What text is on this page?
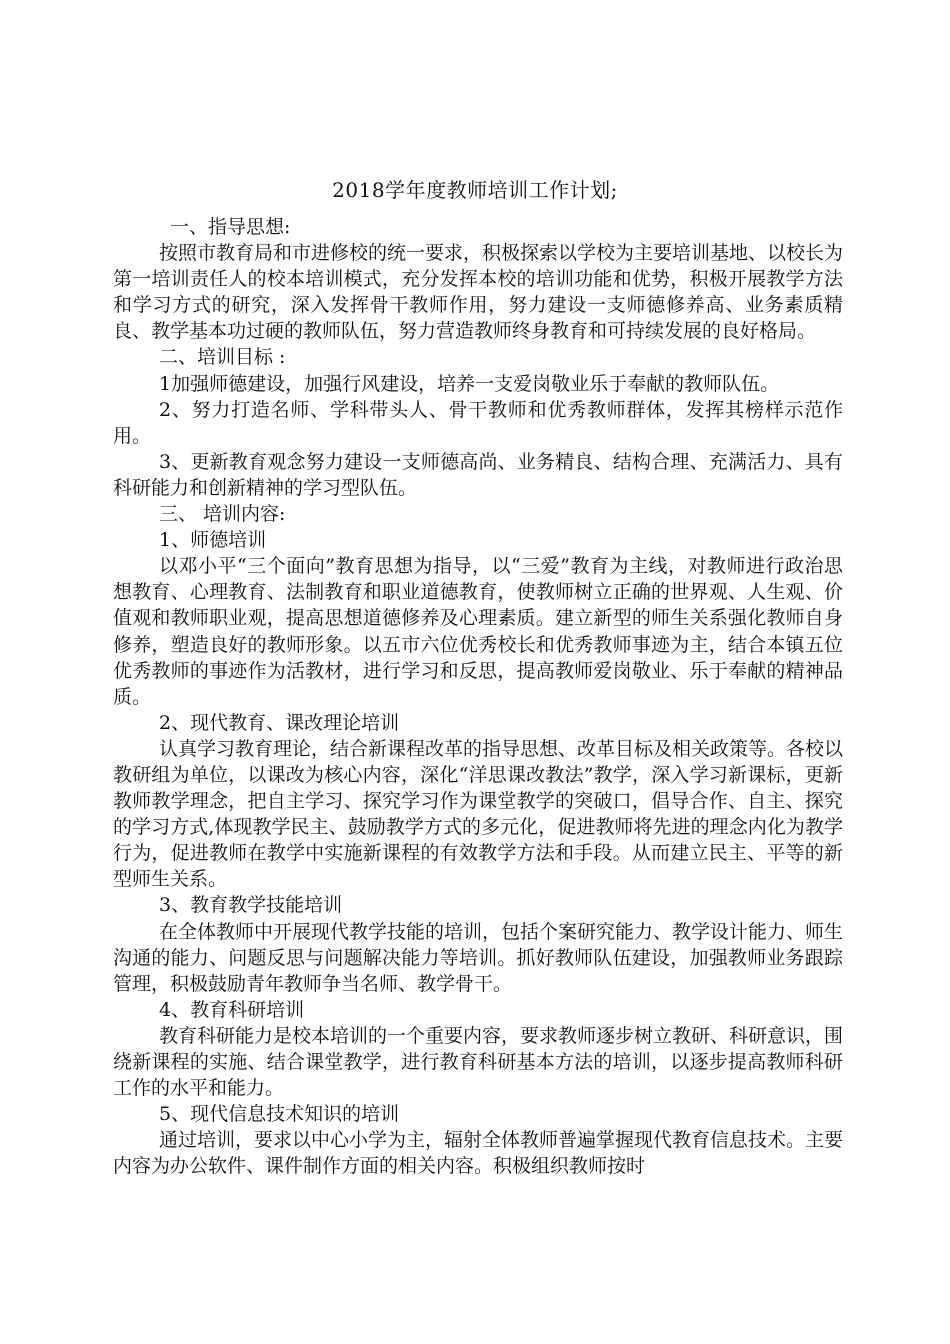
2018学年度教师培训工作计划;

一、指导思想:

按照市教育局和市进修校的统一要求，积极探索以学校为主要培训基地、以校长为第一培训责任人的校本培训模式，充分发挥本校的培训功能和优势，积极开展教学方法和学习方式的研究，深入发挥骨干教师作用，努力建设一支师德修养高、业务素质精良、教学基本功过硬的教师队伍，努力营造教师终身教育和可持续发展的良好格局。

二、培训目标 :

1加强师德建设，加强行风建设，培养一支爱岗敬业乐于奉献的教师队伍。

2、努力打造名师、学科带头人、骨干教师和优秀教师群体，发挥其榜样示范作用。

3、更新教育观念努力建设一支师德高尚、业务精良、结构合理、充满活力、具有科研能力和创新精神的学习型队伍。

三、 培训内容:

1、师德培训

以邓小平“三个面向”教育思想为指导，以“三爱”教育为主线，对教师进行政治思想教育、心理教育、法制教育和职业道德教育，使教师树立正确的世界观、人生观、价值观和教师职业观，提高思想道德修养及心理素质。建立新型的师生关系强化教师自身修养，塑造良好的教师形象。以五市六位优秀校长和优秀教师事迹为主，结合本镇五位优秀教师的事迹作为活教材，进行学习和反思，提高教师爱岗敬业、乐于奉献的精神品质。

2、现代教育、课改理论培训

认真学习教育理论，结合新课程改革的指导思想、改革目标及相关政策等。各校以教研组为单位，以课改为核心内容，深化“洋思课改教法”教学，深入学习新课标，更新教师教学理念，把自主学习、探究学习作为课堂教学的突破口，倡导合作、自主、探究的学习方式,体现教学民主、鼓励教学方式的多元化，促进教师将先进的理念内化为教学行为，促进教师在教学中实施新课程的有效教学方法和手段。从而建立民主、平等的新型师生关系。

3、教育教学技能培训

在全体教师中开展现代教学技能的培训，包括个案研究能力、教学设计能力、师生沟通的能力、问题反思与问题解决能力等培训。抓好教师队伍建设，加强教师业务跟踪管理，积极鼓励青年教师争当名师、教学骨干。

4、教育科研培训

教育科研能力是校本培训的一个重要内容，要求教师逐步树立教研、科研意识，围绕新课程的实施、结合课堂教学，进行教育科研基本方法的培训，以逐步提高教师科研工作的水平和能力。

5、现代信息技术知识的培训

通过培训，要求以中心小学为主，辐射全体教师普遍掌握现代教育信息技术。主要内容为办公软件、课件制作方面的相关内容。积极组织教师按时
